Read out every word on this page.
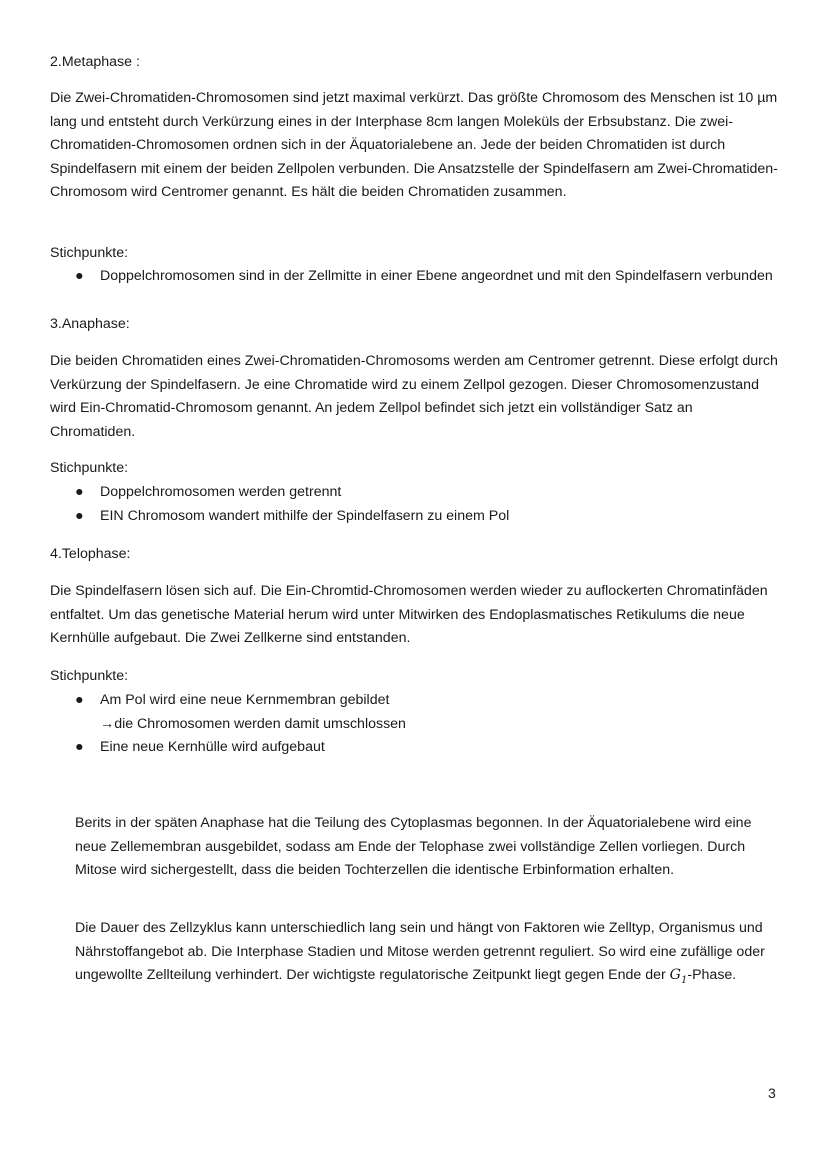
2.Metaphase :

Die Zwei-Chromatiden-Chromosomen sind jetzt maximal verkürzt. Das größte Chromosom des Menschen ist 10 µm lang und entsteht durch Verkürzung eines in der Interphase 8cm langen Moleküls der Erbsubstanz. Die zwei-Chromatiden-Chromosomen ordnen sich in der Äquatorialebene an. Jede der beiden Chromatiden ist durch Spindelfasern mit einem der beiden Zellpolen verbunden. Die Ansatzstelle der Spindelfasern am Zwei-Chromatiden-Chromosom wird Centromer genannt. Es hält die beiden Chromatiden zusammen.

Stichpunkte:

● Doppelchromosomen sind in der Zellmitte in einer Ebene angeordnet und mit den Spindelfasern verbunden

3.Anaphase:

Die beiden Chromatiden eines Zwei-Chromatiden-Chromosoms werden am Centromer getrennt. Diese erfolgt durch Verkürzung der Spindelfasern. Je eine Chromatide wird zu einem Zellpol gezogen. Dieser Chromosomenzustand wird Ein-Chromatid-Chromosom genannt. An jedem Zellpol befindet sich jetzt ein vollständiger Satz an Chromatiden.

Stichpunkte:

● Doppelchromosomen werden getrennt
● EIN Chromosom wandert mithilfe der Spindelfasern zu einem Pol

4.Telophase:

Die Spindelfasern lösen sich auf. Die Ein-Chromtid-Chromosomen werden wieder zu auflockerten Chromatinfäden entfaltet. Um das genetische Material herum wird unter Mitwirken des Endoplasmatisches Retikulums die neue Kernhülle aufgebaut. Die Zwei Zellkerne sind entstanden.

Stichpunkte:

● Am Pol wird eine neue Kernmembran gebildet
→die Chromosomen werden damit umschlossen
● Eine neue Kernhülle wird aufgebaut

Berits in der späten Anaphase hat die Teilung des Cytoplasmas begonnen. In der Äquatorialebene wird eine neue Zellemembran ausgebildet, sodass am Ende der Telophase zwei vollständige Zellen vorliegen. Durch Mitose wird sichergestellt, dass die beiden Tochterzellen die identische Erbinformation erhalten.

Die Dauer des Zellzyklus kann unterschiedlich lang sein und hängt von Faktoren wie Zelltyp, Organismus und Nährstoffangebot ab. Die Interphase Stadien und Mitose werden getrennt reguliert. So wird eine zufällige oder ungewollte Zellteilung verhindert. Der wichtigste regulatorische Zeitpunkt liegt gegen Ende der $G_1$-Phase.

3
